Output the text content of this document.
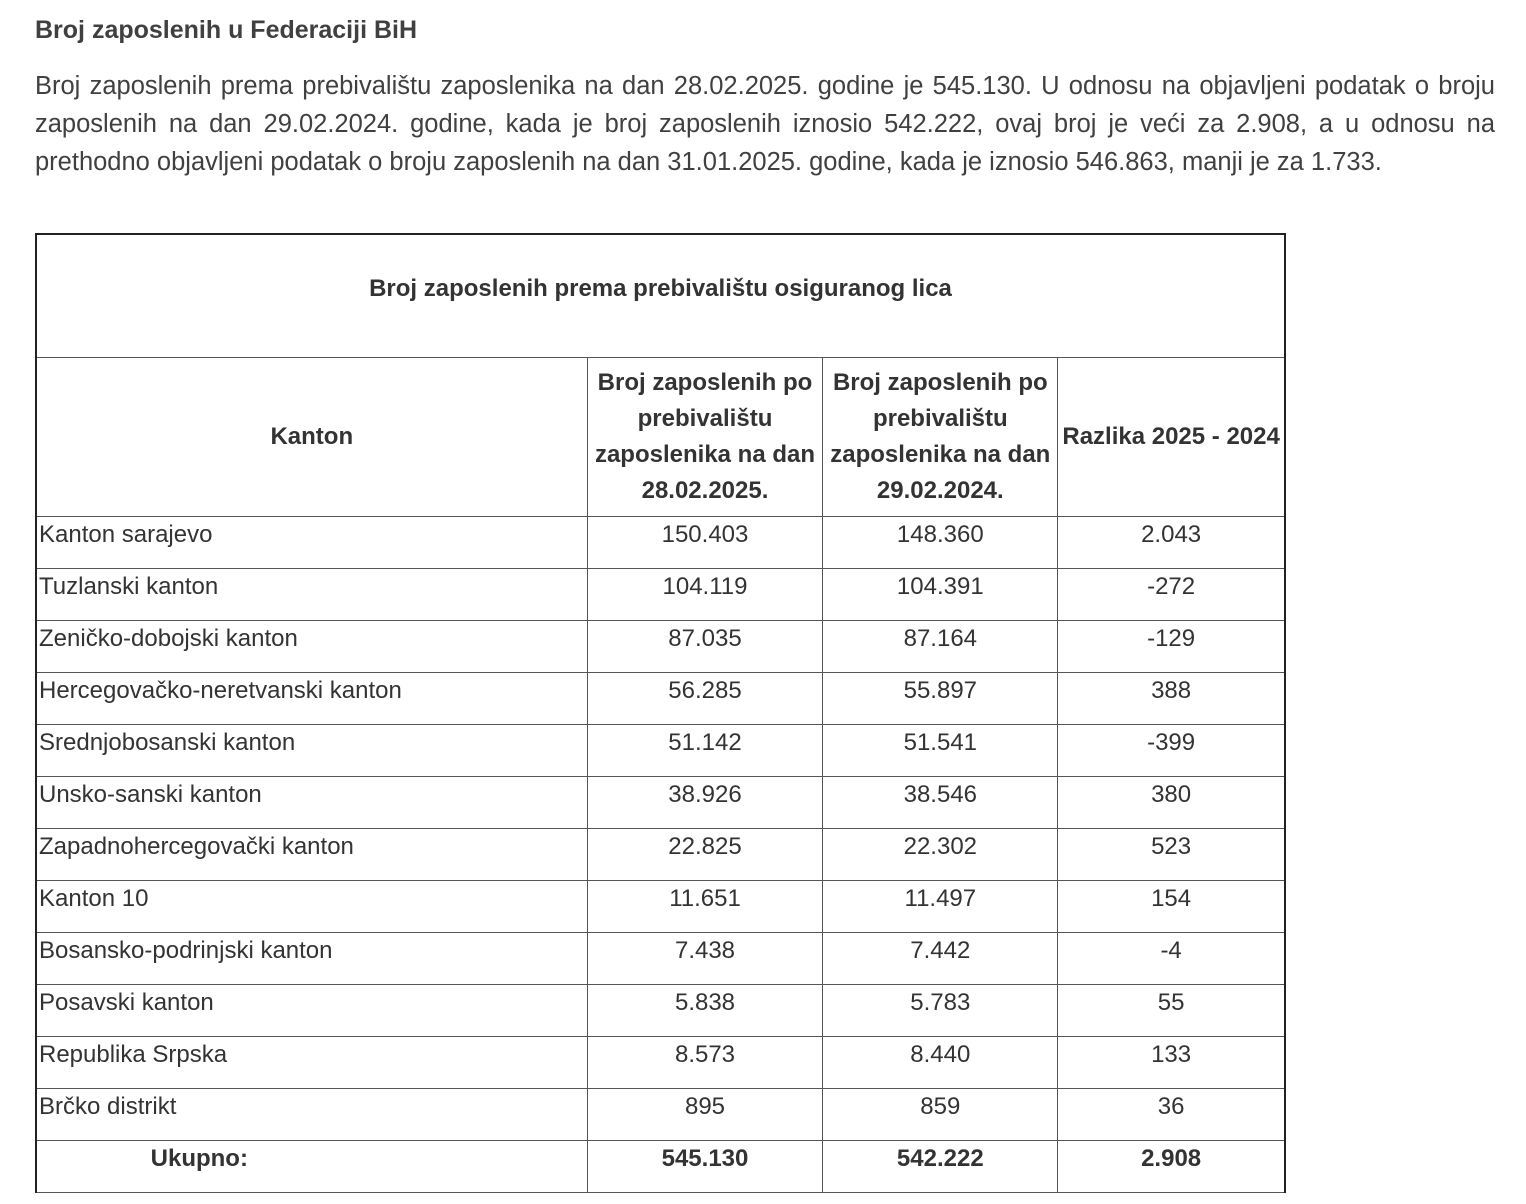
Broj zaposlenih u Federaciji BiH

Broj zaposlenih prema prebivalištu zaposlenika na dan 28.02.2025. godine je 545.130. U odnosu na objavljeni podatak o broju zaposlenih na dan 29.02.2024. godine, kada je broj zaposlenih iznosio 542.222, ovaj broj je veći za 2.908, a u odnosu na prethodno objavljeni podatak o broju zaposlenih na dan 31.01.2025. godine, kada je iznosio 546.863, manji je za 1.733.

Broj zaposlenih prema prebivalištu osiguranog lica			
Kanton	Broj zaposlenih po prebivalištu zaposlenika na dan 28.02.2025.	Broj zaposlenih po prebivalištu zaposlenika na dan 29.02.2024.	Razlika 2025 - 2024
Kanton sarajevo	150.403	148.360	2.043
Tuzlanski kanton	104.119	104.391	-272
Zeničko-dobojski kanton	87.035	87.164	-129
Hercegovačko-neretvanski kanton	56.285	55.897	388
Srednjobosanski kanton	51.142	51.541	-399
Unsko-sanski kanton	38.926	38.546	380
Zapadnohercegovački kanton	22.825	22.302	523
Kanton 10	11.651	11.497	154
Bosansko-podrinjski kanton	7.438	7.442	-4
Posavski kanton	5.838	5.783	55
Republika Srpska	8.573	8.440	133
Brčko distrikt	895	859	36
Ukupno:	545.130	542.222	2.908
